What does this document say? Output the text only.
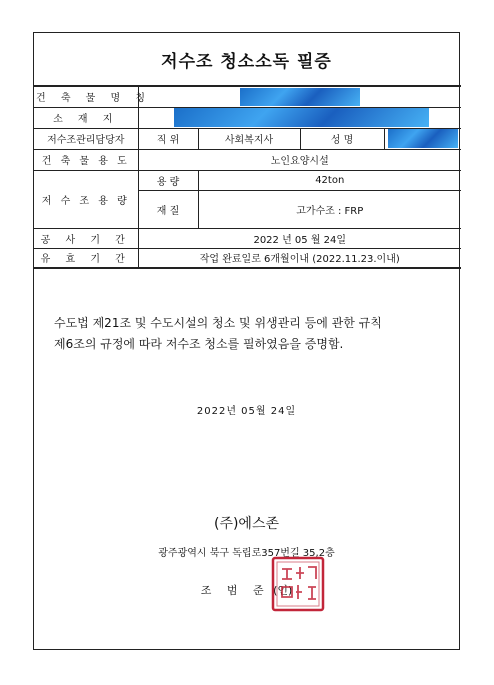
저수조 청소소독 필증
건 축 물 명 칭				
소 재 지				
저수조관리담당자	직 위	사회복지사	성 명	
건 축 물 용 도	노인요양시설			
저 수 조 용 량	용 량	42ton		
	재 질	고가수조 : FRP		
공 사 기 간	2022 년 05 월 24일			
유 효 기 간	작업 완료일로 6개월이내 (2022.11.23.이내)			
수도법 제21조 및 수도시설의 청소 및 위생관리 등에 관한 규칙
제6조의 규정에 따라 저수조 청소를 필하였음을 증명함.
2022년 05월 24일
(주)에스존
광주광역시 북구 독립로357번길 35,2층
조 범 준 (인)
